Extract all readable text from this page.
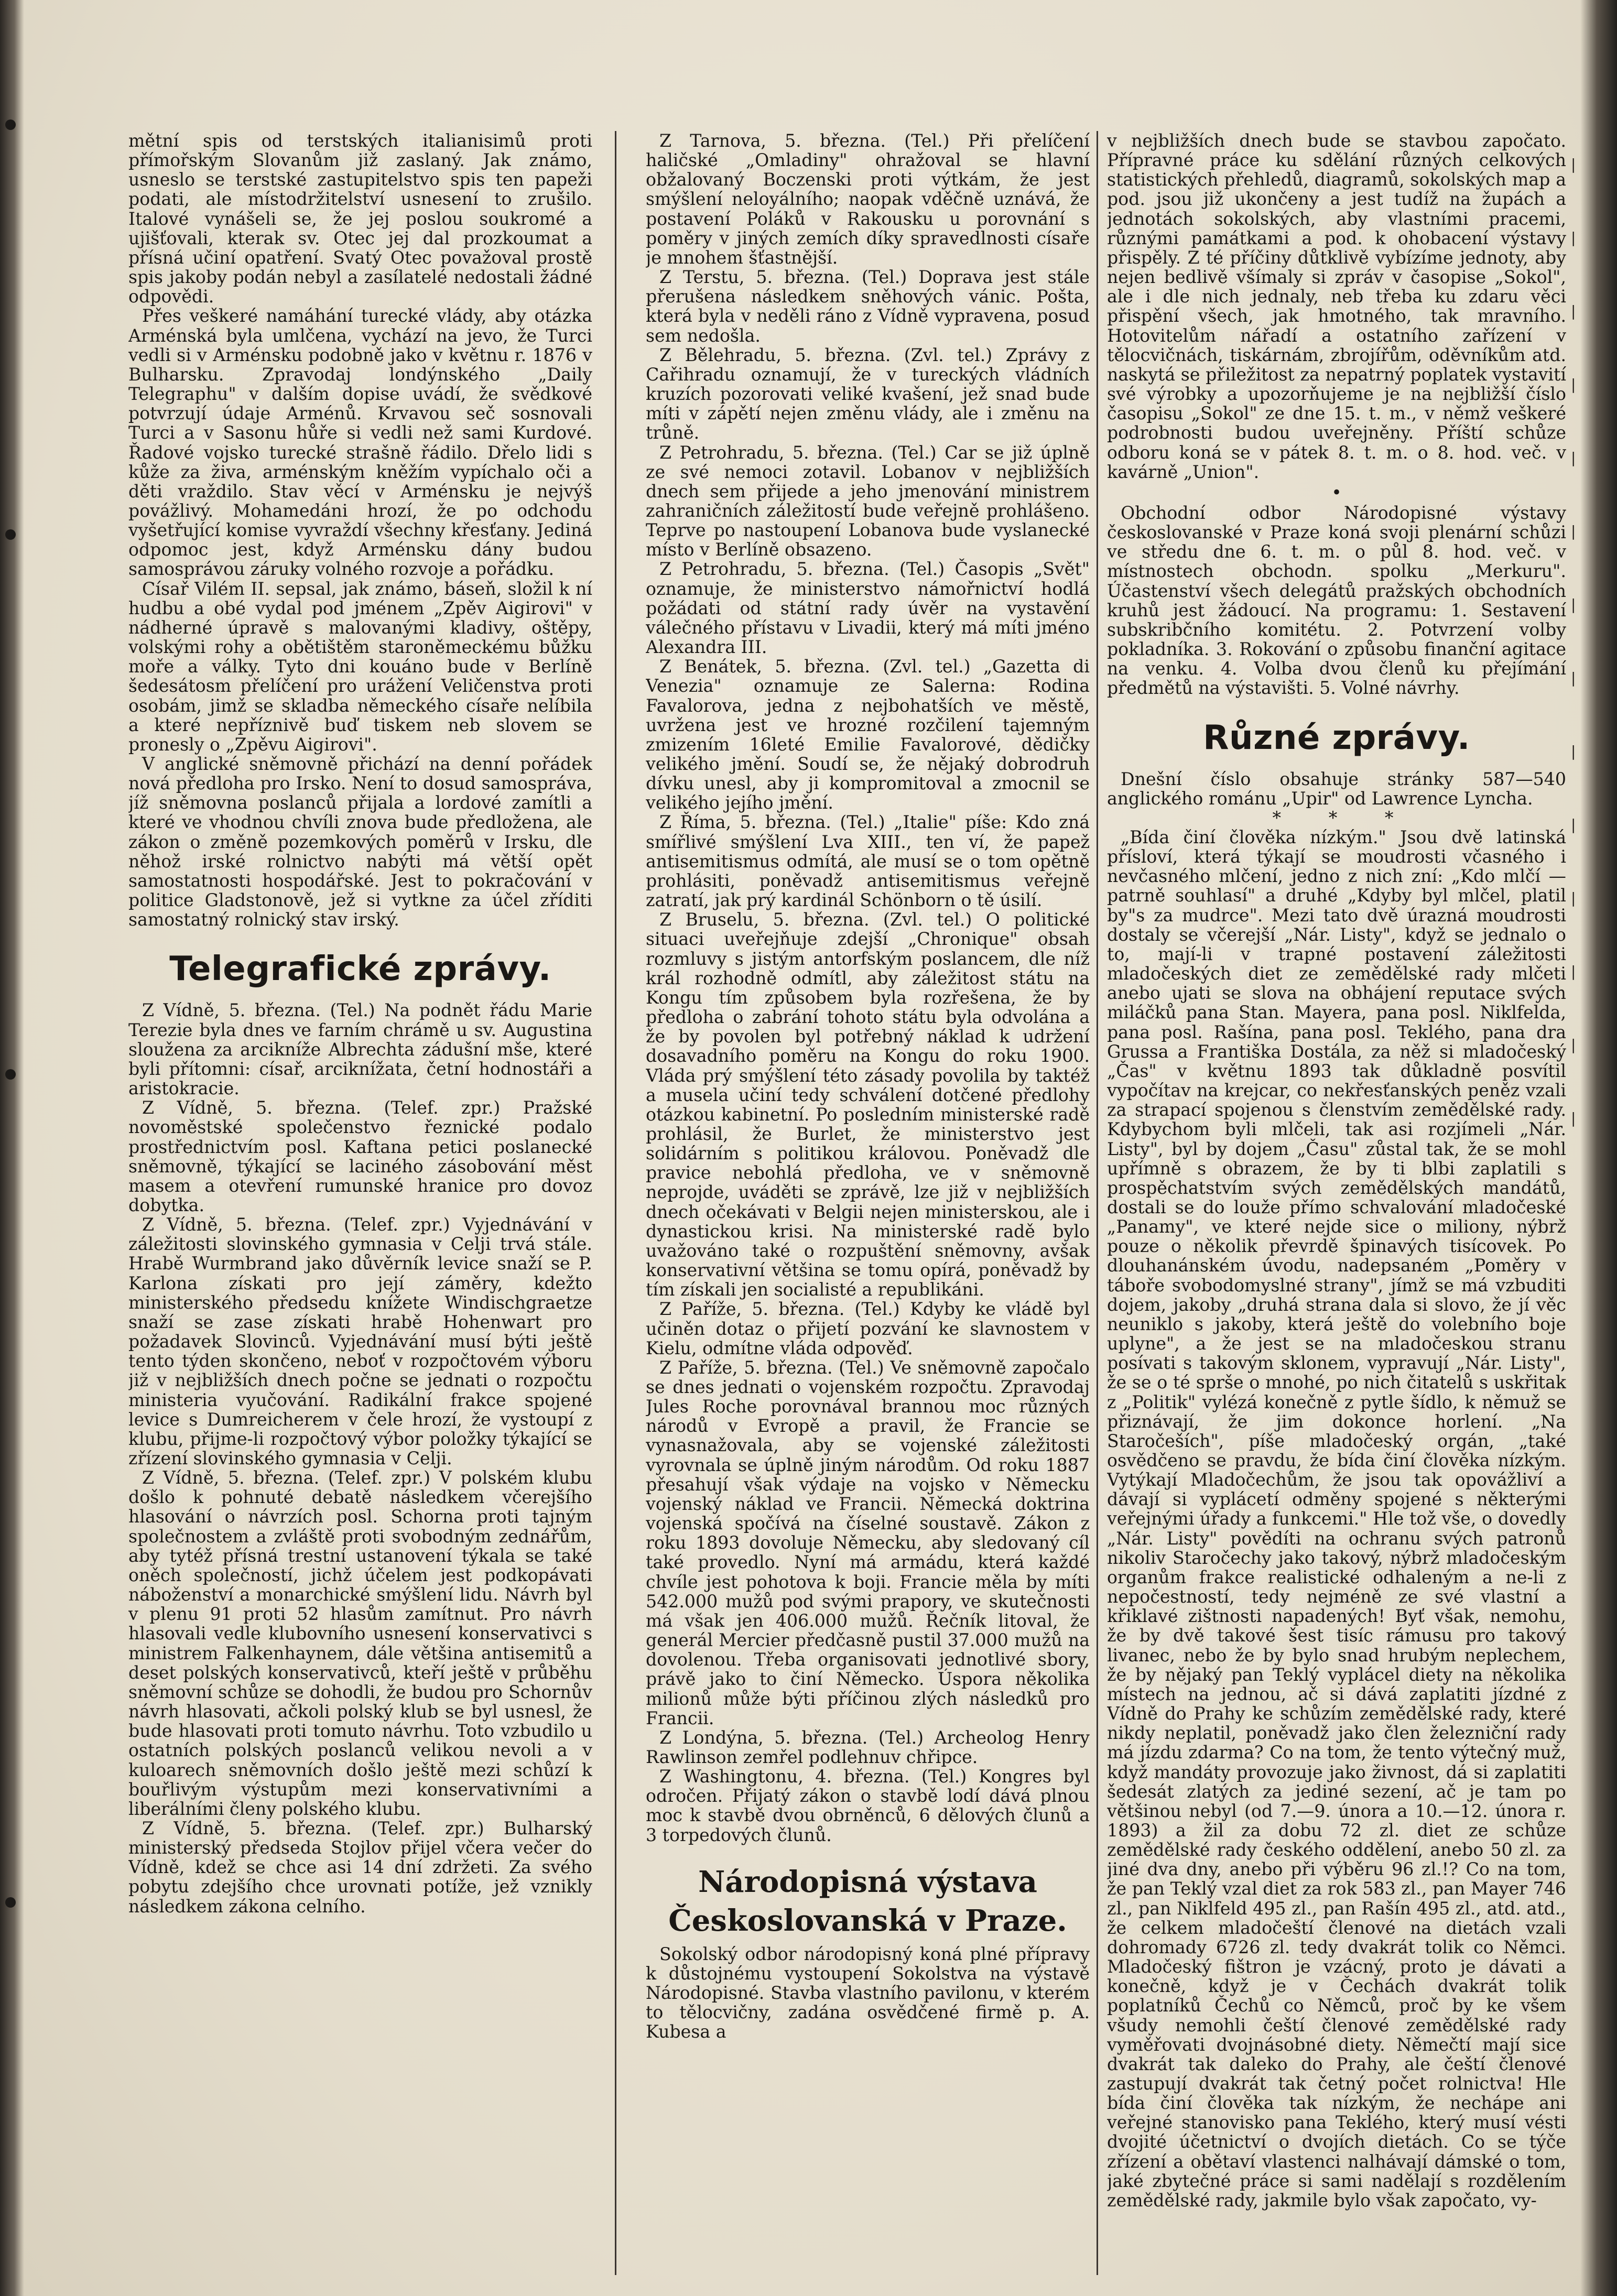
mětní spis od terstských italianisimů proti přímořským Slovanům již zaslaný. Jak známo, usneslo se terstské zastupitelstvo spis ten papeži podati, ale místodržitelství usnesení to zrušilo. Italové vynášeli se, že jej poslou soukromé a ujišťovali, kterak sv. Otec jej dal prozkoumat a přísná učiní opatření. Svatý Otec považoval prostě spis jakoby podán nebyl a zasílatelé nedostali žádné odpovědi.

Přes veškeré namáhání turecké vlády, aby otázka Arménská byla umlčena, vychází na jevo, že Turci vedli si v Arménsku podobně jako v květnu r. 1876 v Bulharsku. Zpravodaj londýnského „Daily Telegraphu" v dalším dopise uvádí, že svědkové potvrzují údaje Arménů. Krvavou seč sosnovali Turci a v Sasonu hůře si vedli než sami Kurdové. Řadové vojsko turecké strašně řádilo. Dřelo lidi s kůže za živa, arménským kněžím vypíchalo oči a děti vraždilo. Stav věcí v Arménsku je nejvýš povážlivý. Mohamedáni hrozí, že po odchodu vyšetřující komise vyvraždí všechny křesťany. Jediná odpomoc jest, když Arménsku dány budou samosprávou záruky volného rozvoje a pořádku.

Císař Vilém II. sepsal, jak známo, báseň, složil k ní hudbu a obé vydal pod jménem „Zpěv Aigirovi" v nádherné úpravě s malovanými kladivy, oštěpy, volskými rohy a obětištěm staroněmeckému bůžku moře a války. Tyto dni kouáno bude v Berlíně šedesátosm přelíčení pro urážení Veličenstva proti osobám, jimž se skladba německého císaře nelíbila a které nepříznivě buď tiskem neb slovem se pronesly o „Zpěvu Aigirovi".

V anglické sněmovně přichází na denní pořádek nová předloha pro Irsko. Není to dosud samospráva, jíž sněmovna poslanců přijala a lordové zamítli a které ve vhodnou chvíli znova bude předložena, ale zákon o změně pozemkových poměrů v Irsku, dle něhož irské rolnictvo nabýti má větší opět samostatnosti hospodářské. Jest to pokračování v politice Gladstonově, jež si vytkne za účel zříditi samostatný rolnický stav irský.

Telegrafické zprávy.

Z Vídně, 5. března. (Tel.) Na podnět řádu Marie Terezie byla dnes ve farním chrámě u sv. Augustina sloužena za arcikníže Albrechta zádušní mše, které byli přítomni: císař, arciknížata, četní hodnostáři a aristokracie.

Z Vídně, 5. března. (Telef. zpr.) Pražské novoměstské společenstvo řeznické podalo prostřednictvím posl. Kaftana petici poslanecké sněmovně, týkající se laciného zásobování měst masem a otevření rumunské hranice pro dovoz dobytka.

Z Vídně, 5. března. (Telef. zpr.) Vyjednávání v záležitosti slovinského gymnasia v Celji trvá stále. Hrabě Wurmbrand jako důvěrník levice snaží se P. Karlona získati pro její záměry, kdežto ministerského předsedu knížete Windischgraetze snaží se zase získati hrabě Hohenwart pro požadavek Slovinců. Vyjednávání musí býti ještě tento týden skončeno, neboť v rozpočtovém výboru již v nejbližších dnech počne se jednati o rozpočtu ministeria vyučování. Radikální frakce spojené levice s Dumreicherem v čele hrozí, že vystoupí z klubu, přijme-li rozpočtový výbor položky týkající se zřízení slovinského gymnasia v Celji.

Z Vídně, 5. března. (Telef. zpr.) V polském klubu došlo k pohnuté debatě následkem včerejšího hlasování o návrzích posl. Schorna proti tajným společnostem a zvláště proti svobodným zednářům, aby tytéž přísná trestní ustanovení týkala se také oněch společností, jichž účelem jest podkopávati náboženství a monarchické smýšlení lidu. Návrh byl v plenu 91 proti 52 hlasům zamítnut. Pro návrh hlasovali vedle klubovního usnesení konservativci s ministrem Falkenhaynem, dále většina antisemitů a deset polských konservativců, kteří ještě v průběhu sněmovní schůze se dohodli, že budou pro Schornův návrh hlasovati, ačkoli polský klub se byl usnesl, že bude hlasovati proti tomuto návrhu. Toto vzbudilo u ostatních polských poslanců velikou nevoli a v kuloarech sněmovních došlo ještě mezi schůzí k bouřlivým výstupům mezi konservativními a liberálními členy polského klubu.

Z Vídně, 5. března. (Telef. zpr.) Bulharský ministerský předseda Stojlov přijel včera večer do Vídně, kdež se chce asi 14 dní zdržeti. Za svého pobytu zdejšího chce urovnati potíže, jež vznikly následkem zákona celního.

Z Tarnova, 5. března. (Tel.) Při přelíčení haličské „Omladiny" ohražoval se hlavní obžalovaný Boczenski proti výtkám, že jest smýšlení neloyálního; naopak vděčně uznává, že postavení Poláků v Rakousku u porovnání s poměry v jiných zemích díky spravedlnosti císaře je mnohem šťastnější.

Z Terstu, 5. března. (Tel.) Doprava jest stále přerušena následkem sněhových vánic. Pošta, která byla v neděli ráno z Vídně vypravena, posud sem nedošla.

Z Bělehradu, 5. března. (Zvl. tel.) Zprávy z Cařihradu oznamují, že v tureckých vládních kruzích pozorovati veliké kvašení, jež snad bude míti v zápětí nejen změnu vlády, ale i změnu na trůně.

Z Petrohradu, 5. března. (Tel.) Car se již úplně ze své nemoci zotavil. Lobanov v nejbližších dnech sem přijede a jeho jmenování ministrem zahraničních záležitostí bude veřejně prohlášeno. Teprve po nastoupení Lobanova bude vyslanecké místo v Berlíně obsazeno.

Z Petrohradu, 5. března. (Tel.) Časopis „Svět" oznamuje, že ministerstvo námořnictví hodlá požádati od státní rady úvěr na vystavění válečného přístavu v Livadii, který má míti jméno Alexandra III.

Z Benátek, 5. března. (Zvl. tel.) „Gazetta di Venezia" oznamuje ze Salerna: Rodina Favalorova, jedna z nejbohatších ve městě, uvržena jest ve hrozné rozčilení tajemným zmizením 16leté Emilie Favalorové, dědičky velikého jmění. Soudí se, že nějaký dobrodruh dívku unesl, aby ji kompromitoval a zmocnil se velikého jejího jmění.

Z Říma, 5. března. (Tel.) „Italie" píše: Kdo zná smířlivé smýšlení Lva XIII., ten ví, že papež antisemitismus odmítá, ale musí se o tom opětně prohlásiti, poněvadž antisemitismus veřejně zatratí, jak prý kardinál Schönborn o tě úsilí.

Z Bruselu, 5. března. (Zvl. tel.) O politické situaci uveřejňuje zdejší „Chronique" obsah rozmluvy s jistým antorfským poslancem, dle níž král rozhodně odmítl, aby záležitost státu na Kongu tím způsobem byla rozřešena, že by předloha o zabrání tohoto státu byla odvolána a že by povolen byl potřebný náklad k udržení dosavadního poměru na Kongu do roku 1900. Vláda prý smýšlení této zásady povolila by taktéž a musela učiní tedy schválení dotčené předlohy otázkou kabinetní. Po posledním ministerské radě prohlásil, že Burlet, že ministerstvo jest solidárním s politikou královou. Poněvadž dle pravice nebohlá předloha, ve v sněmovně neprojde, uváděti se zprávě, lze již v nejbližších dnech očekávati v Belgii nejen ministerskou, ale i dynastickou krisi. Na ministerské radě bylo uvažováno také o rozpuštění sněmovny, avšak konservativní většina se tomu opírá, poněvadž by tím získali jen socialisté a republikáni.

Z Paříže, 5. března. (Tel.) Kdyby ke vládě byl učiněn dotaz o přijetí pozvání ke slavnostem v Kielu, odmítne vláda odpověď.

Z Paříže, 5. března. (Tel.) Ve sněmovně započalo se dnes jednati o vojenském rozpočtu. Zpravodaj Jules Roche porovnával brannou moc různých národů v Evropě a pravil, že Francie se vynasnažovala, aby se vojenské záležitosti vyrovnala se úplně jiným národům. Od roku 1887 přesahují však výdaje na vojsko v Německu vojenský náklad ve Francii. Německá doktrina vojenská spočívá na číselné soustavě. Zákon z roku 1893 dovoluje Německu, aby sledovaný cíl také provedlo. Nyní má armádu, která každé chvíle jest pohotova k boji. Francie měla by míti 542.000 mužů pod svými prapory, ve skutečnosti má však jen 406.000 mužů. Řečník litoval, že generál Mercier předčasně pustil 37.000 mužů na dovolenou. Třeba organisovati jednotlivé sbory, právě jako to činí Německo. Úspora několika milionů může býti příčinou zlých následků pro Francii.

Z Londýna, 5. března. (Tel.) Archeolog Henry Rawlinson zemřel podlehnuv chřipce.

Z Washingtonu, 4. března. (Tel.) Kongres byl odročen. Přijatý zákon o stavbě lodí dává plnou moc k stavbě dvou obrněnců, 6 dělových člunů a 3 torpedových člunů.

Národopisná výstava Českoslovanská v Praze.

Sokolský odbor národopisný koná plné přípravy k důstojnému vystoupení Sokolstva na výstavě Národopisné. Stavba vlastního pavilonu, v kterém to tělocvičny, zadána osvědčené firmě p. A. Kubesa a

v nejbližších dnech bude se stavbou započato. Přípravné práce ku sdělání různých celkových statistických přehledů, diagramů, sokolských map a pod. jsou již ukončeny a jest tudíž na župách a jednotách sokolských, aby vlastními pracemi, různými památkami a pod. k ohobacení výstavy přispěly. Z té příčiny důtklivě vybízíme jednoty, aby nejen bedlivě všímaly si zpráv v časopise „Sokol", ale i dle nich jednaly, neb třeba ku zdaru věci přispění všech, jak hmotného, tak mravního. Hotovitelům nářadí a ostatního zařízení v tělocvičnách, tiskárnám, zbrojířům, oděvníkům atd. naskytá se přiležitost za nepatrný poplatek vystavití své výrobky a upozorňujeme je na nejbližší číslo časopisu „Sokol" ze dne 15. t. m., v němž veškeré podrobnosti budou uveřejněny. Příští schůze odboru koná se v pátek 8. t. m. o 8. hod. več. v kavárně „Union".

•

Obchodní odbor Národopisné výstavy českoslovanské v Praze koná svoji plenární schůzi ve středu dne 6. t. m. o půl 8. hod. več. v místnostech obchodn. spolku „Merkuru". Účastenství všech delegátů pražských obchodních kruhů jest žádoucí. Na programu: 1. Sestavení subskribčního komitétu. 2. Potvrzení volby pokladníka. 3. Rokování o způsobu finanční agitace na venku. 4. Volba dvou členů ku přejímání předmětů na výstavišti. 5. Volné návrhy.

Různé zprávy.

Dnešní číslo obsahuje stránky 587—540 anglického románu „Upir" od Lawrence Lyncha.

* * *

„Bída činí člověka nízkým." Jsou dvě latinská přísloví, která týkají se moudrosti včasného i nevčasného mlčení, jedno z nich zní: „Kdo mlčí — patrně souhlasí" a druhé „Kdyby byl mlčel, platil by"s za mudrce". Mezi tato dvě úrazná moudrosti dostaly se včerejší „Nár. Listy", když se jednalo o to, mají-li v trapné postavení záležitosti mladočeských diet ze zemědělské rady mlčeti anebo ujati se slova na obhájení reputace svých miláčků pana Stan. Mayera, pana posl. Niklfelda, pana posl. Rašína, pana posl. Teklého, pana dra Grussa a Františka Dostála, za něž si mladočeský „Čas" v květnu 1893 tak důkladně posvítil vypočítav na krejcar, co nekřesťanských peněz vzali za strapací spojenou s členstvím zemědělské rady. Kdybychom byli mlčeli, tak asi rozjímeli „Nár. Listy", byl by dojem „Času" zůstal tak, že se mohl upřímně s obrazem, že by ti blbi zaplatili s prospěchatstvím svých zemědělských mandátů, dostali se do louže přímo schvalování mladočeské „Panamy", ve které nejde sice o miliony, nýbrž pouze o několik převrdě špinavých tisícovek. Po dlouhanánském úvodu, nadepsaném „Poměry v táboře svobodomyslné strany", jímž se má vzbuditi dojem, jakoby „druhá strana dala si slovo, že jí věc neuniklo s jakoby, která ještě do volebního boje uplyne", a že jest se na mladočeskou stranu posívati s takovým sklonem, vypravují „Nár. Listy", že se o té sprše o mnohé, po nich čitatelů s uskřitak z „Politik" vylézá konečně z pytle šídlo, k němuž se přiznávají, že jim dokonce horlení. „Na Staročeších", píše mladočeský orgán, „také osvědčeno se pravdu, že bída činí člověka nízkým. Vytýkají Mladočechům, že jsou tak opovážliví a dávají si vyplácetí odměny spojené s některými veřejnými úřady a funkcemi." Hle tož vše, o dovedly „Nár. Listy" povědíti na ochranu svých patronů nikoliv Staročechy jako takový, nýbrž mladočeským organům frakce realistické odhaleným a ne-li z nepočestností, tedy nejméně ze své vlastní a křiklavé zištnosti napadených! Byť však, nemohu, že by dvě takové šest tisíc rámusu pro takový livanec, nebo že by bylo snad hrubým neplechem, že by nějaký pan Teklý vyplácel diety na několika místech na jednou, ač si dává zaplatiti jízdné z Vídně do Prahy ke schůzím zemědělské rady, které nikdy neplatil, poněvadž jako člen železniční rady má jízdu zdarma? Co na tom, že tento výtečný muž, když mandáty provozuje jako živnost, dá si zaplatiti šedesát zlatých za jediné sezení, ač je tam po většinou nebyl (od 7.—9. února a 10.—12. února r. 1893) a žil za dobu 72 zl. diet ze schůze zemědělské rady českého oddělení, anebo 50 zl. za jiné dva dny, anebo při výběru 96 zl.!? Co na tom, že pan Teklý vzal diet za rok 583 zl., pan Mayer 746 zl., pan Niklfeld 495 zl., pan Rašín 495 zl., atd. atd., že celkem mladočeští členové na dietách vzali dohromady 6726 zl. tedy dvakrát tolik co Němci. Mladočeský fištron je vzácný, proto je dávati a konečně, když je v Čechách dvakrát tolik poplatníků Čechů co Němců, proč by ke všem všudy nemohli čeští členové zemědělské rady vyměřovati dvojnásobné diety. Němečtí mají sice dvakrát tak daleko do Prahy, ale čeští členové zastupují dvakrát tak četný počet rolnictva! Hle bída činí člověka tak nízkým, že nechápe ani veřejné stanovisko pana Teklého, který musí vésti dvojité účetnictví o dvojích dietách. Co se týče zřízení a obětaví vlastenci nalhávají dámské o tom, jaké zbytečné práce si sami nadělají s rozdělením zemědělské rady, jakmile bylo však započato, vy-

|
|
|
|
|
|
|
|
|
|
|
|
|
|
